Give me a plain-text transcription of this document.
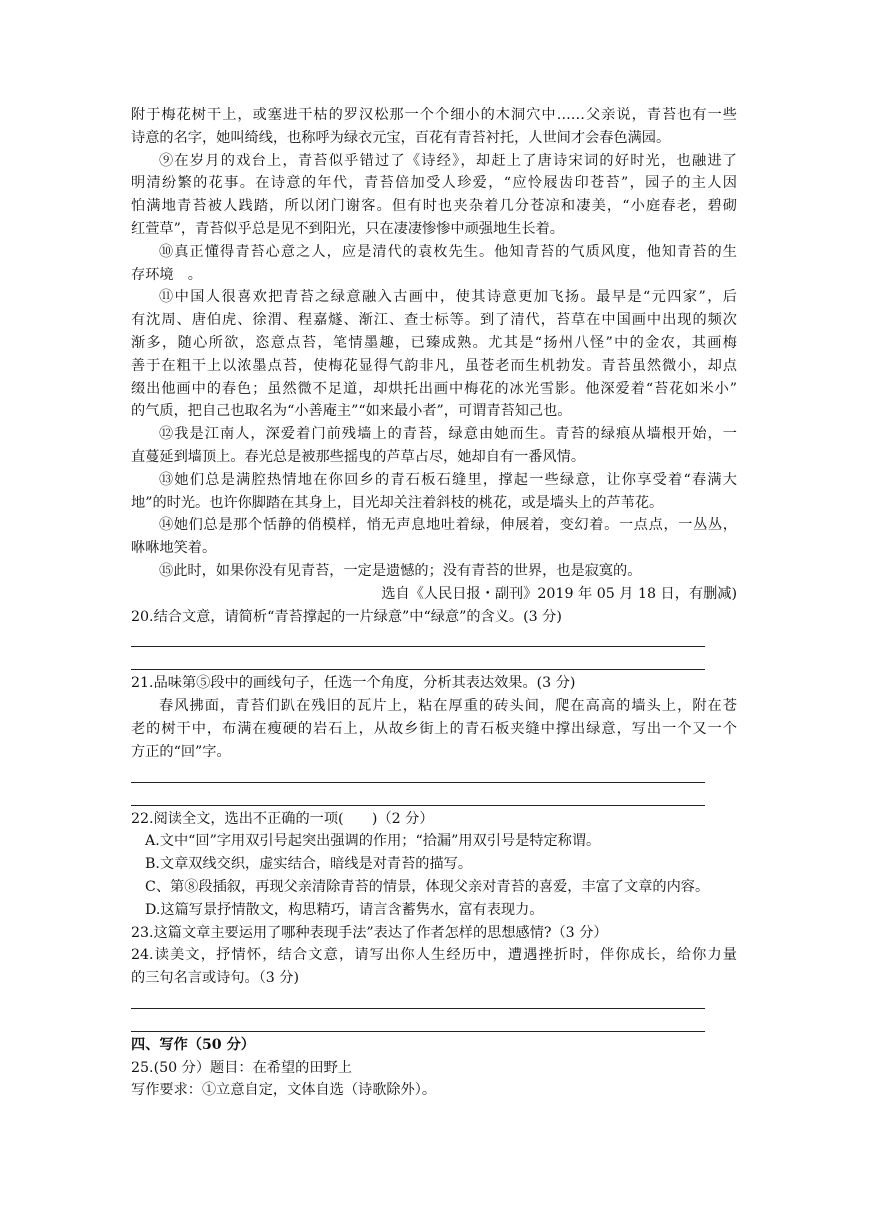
附于梅花树干上，或塞进干枯的罗汉松那一个个细小的木洞穴中……父亲说，青苔也有一些
诗意的名字，她叫绮线，也称呼为绿衣元宝，百花有青苔衬托，人世间才会春色满园。
⑨在岁月的戏台上，青苔似乎错过了《诗经》，却赶上了唐诗宋词的好时光，也融进了
明清纷繁的花事。在诗意的年代，青苔倍加受人珍爱，“应怜屐齿印苍苔”，园子的主人因
怕满地青苔被人践踏，所以闭门谢客。但有时也夹杂着几分苍凉和凄美，“小庭春老，碧砌
红萱草”，青苔似乎总是见不到阳光，只在凄凄惨惨中顽强地生长着。
⑩真正懂得青苔心意之人，应是清代的袁枚先生。他知青苔的气质风度，他知青苔的生
存环境　。
⑪中国人很喜欢把青苔之绿意融入古画中，使其诗意更加飞扬。最早是“元四家”，后
有沈周、唐伯虎、徐渭、程嘉燧、渐江、查士标等。到了清代，苔草在中国画中出现的频次
渐多，随心所欲，恣意点苔，笔情墨趣，已臻成熟。尤其是“扬州八怪”中的金农，其画梅
善于在粗干上以浓墨点苔，使梅花显得气韵非凡，虽苍老而生机勃发。青苔虽然微小，却点
缀出他画中的春色；虽然微不足道，却烘托出画中梅花的冰光雪影。他深爱着“苔花如米小”
的气质，把自己也取名为“小善庵主”“如来最小者”，可谓青苔知己也。
⑫我是江南人，深爱着门前残墙上的青苔，绿意由她而生。青苔的绿痕从墙根开始，一
直蔓延到墙顶上。春光总是被那些摇曳的芦草占尽，她却自有一番风情。
⑬她们总是满腔热情地在你回乡的青石板石缝里，撑起一些绿意，让你享受着“春满大
地”的时光。也许你脚踏在其身上，目光却关注着斜枝的桃花，或是墙头上的芦苇花。
⑭她们总是那个恬静的俏模样，悄无声息地吐着绿，伸展着，变幻着。一点点，一丛丛，
咻咻地笑着。
⑮此时，如果你没有见青苔，一定是遗憾的；没有青苔的世界，也是寂寞的。
选自《人民日报・副刊》2019 年 05 月 18 日，有删减)
20.结合文意，请简析“青苔撑起的一片绿意”中“绿意”的含义。(3 分)
21.品味第⑤段中的画线句子，任选一个角度，分析其表达效果。(3 分)
春风拂面，青苔们趴在残旧的瓦片上，粘在厚重的砖头间，爬在高高的墙头上，附在苍
老的树干中，布满在瘦硬的岩石上，从故乡街上的青石板夹缝中撑出绿意，写出一个又一个
方正的“回”字。
22.阅读全文，选出不正确的一项(　　)（2 分）
A.文中“回”字用双引号起突出强调的作用；“拾漏”用双引号是特定称谓。
B.文章双线交织，虚实结合，暗线是对青苔的描写。
C、第⑧段插叙，再现父亲清除青苔的情景，体现父亲对青苔的喜爱，丰富了文章的内容。
D.这篇写景抒情散文，构思精巧，请言含蓄隽水，富有表现力。
23.这篇文章主要运用了哪种表现手法”表达了作者怎样的思想感情?（3 分）
24.读美文，抒情怀，结合文意，请写出你人生经历中，遭遇挫折时，伴你成长，给你力量
的三句名言或诗句。（3 分)
四、写作（50 分）
25.(50 分）题目：在希望的田野上
写作要求：①立意自定，文体自选（诗歌除外）。
